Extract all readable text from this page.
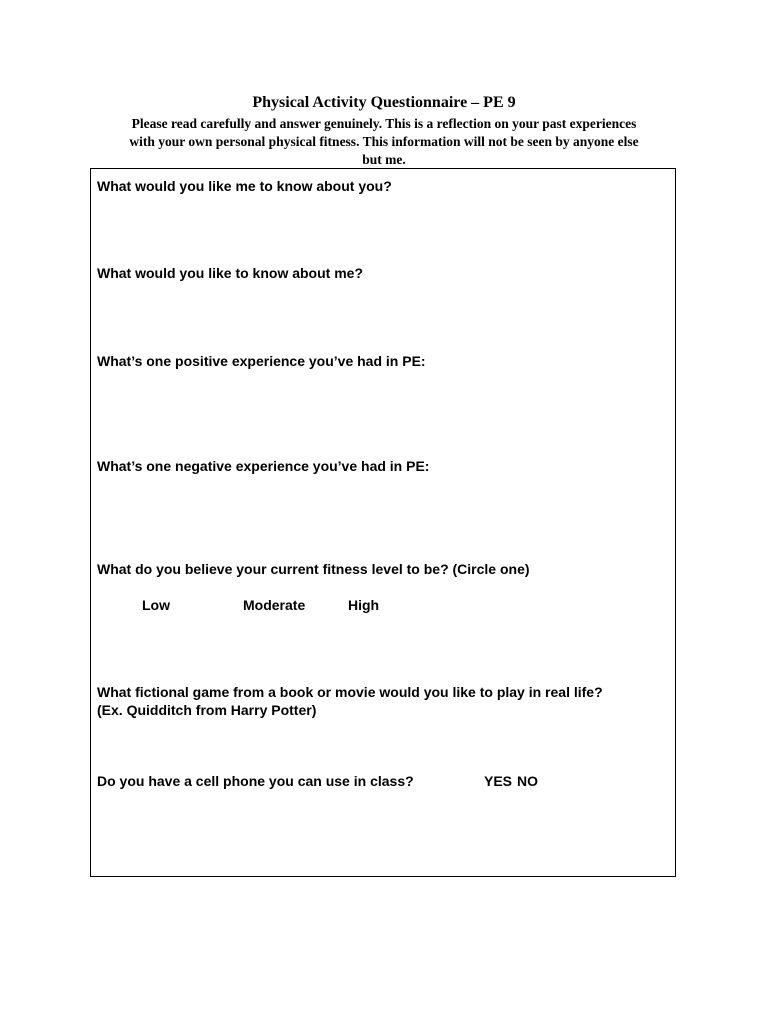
Physical Activity Questionnaire – PE 9
Please read carefully and answer genuinely. This is a reflection on your past experiences
with your own personal physical fitness. This information will not be seen by anyone else
but me.
What would you like me to know about you?
What would you like to know about me?
What’s one positive experience you’ve had in PE:
What’s one negative experience you’ve had in PE:
What do you believe your current fitness level to be? (Circle one)
Low	Moderate	High
What fictional game from a book or movie would you like to play in real life?
(Ex. Quidditch from Harry Potter)
Do you have a cell phone you can use in class?	YES NO
